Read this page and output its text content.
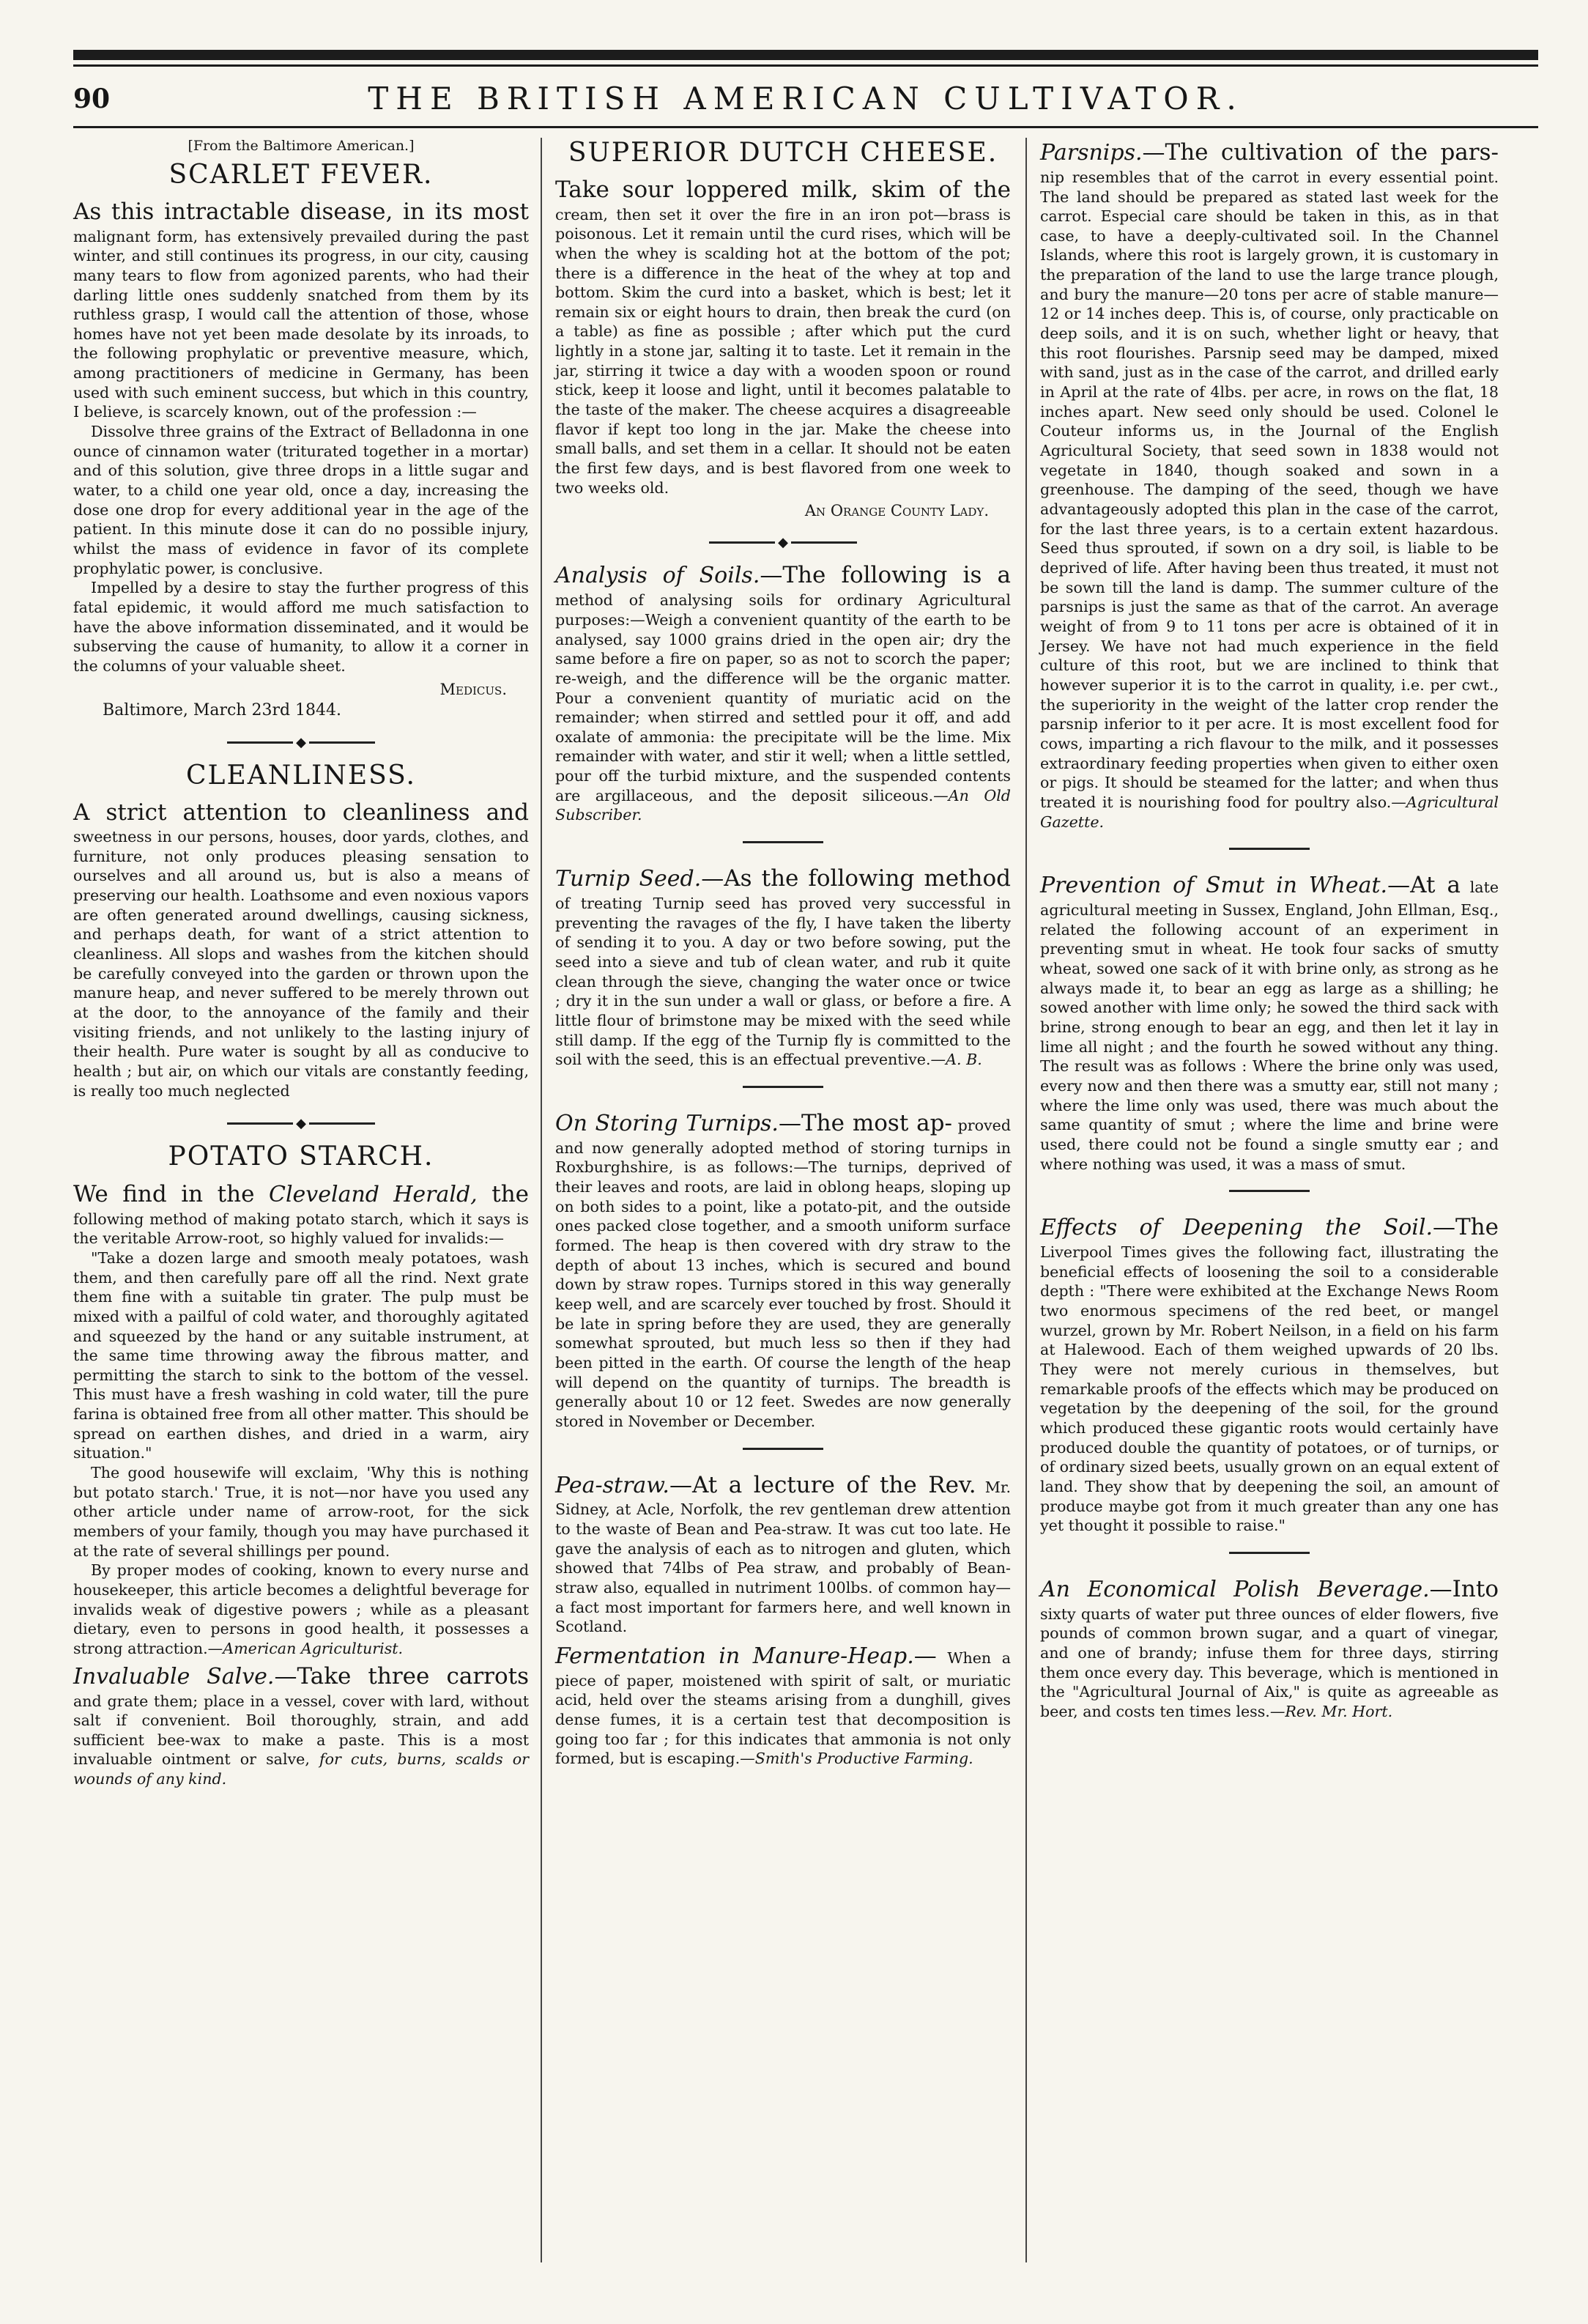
90	THE BRITISH AMERICAN CULTIVATOR.
[From the Baltimore American.]
SCARLET FEVER.

As this intractable disease, in its most malignant form, has extensively prevailed during the past winter, and still continues its progress, in our city, causing many tears to flow from agonized parents, who had their darling little ones suddenly snatched from them by its ruthless grasp, I would call the attention of those, whose homes have not yet been made desolate by its inroads, to the following prophylatic or preventive measure, which, among practitioners of medicine in Germany, has been used with such eminent success, but which in this country, I believe, is scarcely known, out of the profession :—

Dissolve three grains of the Extract of Belladonna in one ounce of cinnamon water (triturated together in a mortar) and of this solution, give three drops in a little sugar and water, to a child one year old, once a day, increasing the dose one drop for every additional year in the age of the patient. In this minute dose it can do no possible injury, whilst the mass of evidence in favor of its complete prophylatic power, is conclusive.

Impelled by a desire to stay the further progress of this fatal epidemic, it would afford me much satisfaction to have the above information disseminated, and it would be subserving the cause of humanity, to allow it a corner in the columns of your valuable sheet.

Medicus.
Baltimore, March 23rd 1844.
◆
CLEANLINESS.

A strict attention to cleanliness and sweetness in our persons, houses, door yards, clothes, and furniture, not only produces pleasing sensation to ourselves and all around us, but is also a means of preserving our health. Loathsome and even noxious vapors are often generated around dwellings, causing sickness, and perhaps death, for want of a strict attention to cleanliness. All slops and washes from the kitchen should be carefully conveyed into the garden or thrown upon the manure heap, and never suffered to be merely thrown out at the door, to the annoyance of the family and their visiting friends, and not unlikely to the lasting injury of their health. Pure water is sought by all as conducive to health ; but air, on which our vitals are constantly feeding, is really too much neglected

◆
POTATO STARCH.

We find in the Cleveland Herald, the following method of making potato starch, which it says is the veritable Arrow-root, so highly valued for invalids:—

"Take a dozen large and smooth mealy potatoes, wash them, and then carefully pare off all the rind. Next grate them fine with a suitable tin grater. The pulp must be mixed with a pailful of cold water, and thoroughly agitated and squeezed by the hand or any suitable instrument, at the same time throwing away the fibrous matter, and permitting the starch to sink to the bottom of the vessel. This must have a fresh washing in cold water, till the pure farina is obtained free from all other matter. This should be spread on earthen dishes, and dried in a warm, airy situation."

The good housewife will exclaim, 'Why this is nothing but potato starch.' True, it is not—nor have you used any other article under name of arrow-root, for the sick members of your family, though you may have purchased it at the rate of several shillings per pound.

By proper modes of cooking, known to every nurse and housekeeper, this article becomes a delightful beverage for invalids weak of digestive powers ; while as a pleasant dietary, even to persons in good health, it possesses a strong attraction.—American Agriculturist.

Invaluable Salve.—Take three carrots and grate them; place in a vessel, cover with lard, without salt if convenient. Boil thoroughly, strain, and add sufficient bee-wax to make a paste. This is a most invaluable ointment or salve, for cuts, burns, scalds or wounds of any kind.

SUPERIOR DUTCH CHEESE.

Take sour loppered milk, skim of the cream, then set it over the fire in an iron pot—brass is poisonous. Let it remain until the curd rises, which will be when the whey is scalding hot at the bottom of the pot; there is a difference in the heat of the whey at top and bottom. Skim the curd into a basket, which is best; let it remain six or eight hours to drain, then break the curd (on a table) as fine as possible ; after which put the curd lightly in a stone jar, salting it to taste. Let it remain in the jar, stirring it twice a day with a wooden spoon or round stick, keep it loose and light, until it becomes palatable to the taste of the maker. The cheese acquires a disagreeable flavor if kept too long in the jar. Make the cheese into small balls, and set them in a cellar. It should not be eaten the first few days, and is best flavored from one week to two weeks old.

An Orange County Lady.
◆

Analysis of Soils.—The following is a method of analysing soils for ordinary Agricultural purposes:—Weigh a convenient quantity of the earth to be analysed, say 1000 grains dried in the open air; dry the same before a fire on paper, so as not to scorch the paper; re-weigh, and the difference will be the organic matter. Pour a convenient quantity of muriatic acid on the remainder; when stirred and settled pour it off, and add oxalate of ammonia: the precipitate will be the lime. Mix remainder with water, and stir it well; when a little settled, pour off the turbid mixture, and the suspended contents are argillaceous, and the deposit siliceous.—An Old Subscriber.

Turnip Seed.—As the following method of treating Turnip seed has proved very successful in preventing the ravages of the fly, I have taken the liberty of sending it to you. A day or two before sowing, put the seed into a sieve and tub of clean water, and rub it quite clean through the sieve, changing the water once or twice ; dry it in the sun under a wall or glass, or before a fire. A little flour of brimstone may be mixed with the seed while still damp. If the egg of the Turnip fly is committed to the soil with the seed, this is an effectual preventive.—A. B.

On Storing Turnips.—The most ap- proved and now generally adopted method of storing turnips in Roxburghshire, is as follows:—The turnips, deprived of their leaves and roots, are laid in oblong heaps, sloping up on both sides to a point, like a potato-pit, and the outside ones packed close together, and a smooth uniform surface formed. The heap is then covered with dry straw to the depth of about 13 inches, which is secured and bound down by straw ropes. Turnips stored in this way generally keep well, and are scarcely ever touched by frost. Should it be late in spring before they are used, they are generally somewhat sprouted, but much less so then if they had been pitted in the earth. Of course the length of the heap will depend on the quantity of turnips. The breadth is generally about 10 or 12 feet. Swedes are now generally stored in November or December.

Pea-straw.—At a lecture of the Rev. Mr. Sidney, at Acle, Norfolk, the rev gentleman drew attention to the waste of Bean and Pea-straw. It was cut too late. He gave the analysis of each as to nitrogen and gluten, which showed that 74lbs of Pea straw, and probably of Bean-straw also, equalled in nutriment 100lbs. of common hay—a fact most important for farmers here, and well known in Scotland.

Fermentation in Manure-Heap.— When a piece of paper, moistened with spirit of salt, or muriatic acid, held over the steams arising from a dunghill, gives dense fumes, it is a certain test that decomposition is going too far ; for this indicates that ammonia is not only formed, but is escaping.—Smith's Productive Farming.

Parsnips.—The cultivation of the pars- nip resembles that of the carrot in every essential point. The land should be prepared as stated last week for the carrot. Especial care should be taken in this, as in that case, to have a deeply-cultivated soil. In the Channel Islands, where this root is largely grown, it is customary in the preparation of the land to use the large trance plough, and bury the manure—20 tons per acre of stable manure—12 or 14 inches deep. This is, of course, only practicable on deep soils, and it is on such, whether light or heavy, that this root flourishes. Parsnip seed may be damped, mixed with sand, just as in the case of the carrot, and drilled early in April at the rate of 4lbs. per acre, in rows on the flat, 18 inches apart. New seed only should be used. Colonel le Couteur informs us, in the Journal of the English Agricultural Society, that seed sown in 1838 would not vegetate in 1840, though soaked and sown in a greenhouse. The damping of the seed, though we have advantageously adopted this plan in the case of the carrot, for the last three years, is to a certain extent hazardous. Seed thus sprouted, if sown on a dry soil, is liable to be deprived of life. After having been thus treated, it must not be sown till the land is damp. The summer culture of the parsnips is just the same as that of the carrot. An average weight of from 9 to 11 tons per acre is obtained of it in Jersey. We have not had much experience in the field culture of this root, but we are inclined to think that however superior it is to the carrot in quality, i.e. per cwt., the superiority in the weight of the latter crop render the parsnip inferior to it per acre. It is most excellent food for cows, imparting a rich flavour to the milk, and it possesses extraordinary feeding properties when given to either oxen or pigs. It should be steamed for the latter; and when thus treated it is nourishing food for poultry also.—Agricultural Gazette.

Prevention of Smut in Wheat.—At a late agricultural meeting in Sussex, England, John Ellman, Esq., related the following account of an experiment in preventing smut in wheat. He took four sacks of smutty wheat, sowed one sack of it with brine only, as strong as he always made it, to bear an egg as large as a shilling; he sowed another with lime only; he sowed the third sack with brine, strong enough to bear an egg, and then let it lay in lime all night ; and the fourth he sowed without any thing. The result was as follows : Where the brine only was used, every now and then there was a smutty ear, still not many ; where the lime only was used, there was much about the same quantity of smut ; where the lime and brine were used, there could not be found a single smutty ear ; and where nothing was used, it was a mass of smut.

Effects of Deepening the Soil.—The Liverpool Times gives the following fact, illustrating the beneficial effects of loosening the soil to a considerable depth : "There were exhibited at the Exchange News Room two enormous specimens of the red beet, or mangel wurzel, grown by Mr. Robert Neilson, in a field on his farm at Halewood. Each of them weighed upwards of 20 lbs. They were not merely curious in themselves, but remarkable proofs of the effects which may be produced on vegetation by the deepening of the soil, for the ground which produced these gigantic roots would certainly have produced double the quantity of potatoes, or of turnips, or of ordinary sized beets, usually grown on an equal extent of land. They show that by deepening the soil, an amount of produce maybe got from it much greater than any one has yet thought it possible to raise."

An Economical Polish Beverage.—Into sixty quarts of water put three ounces of elder flowers, five pounds of common brown sugar, and a quart of vinegar, and one of brandy; infuse them for three days, stirring them once every day. This beverage, which is mentioned in the "Agricultural Journal of Aix," is quite as agreeable as beer, and costs ten times less.—Rev. Mr. Hort.
